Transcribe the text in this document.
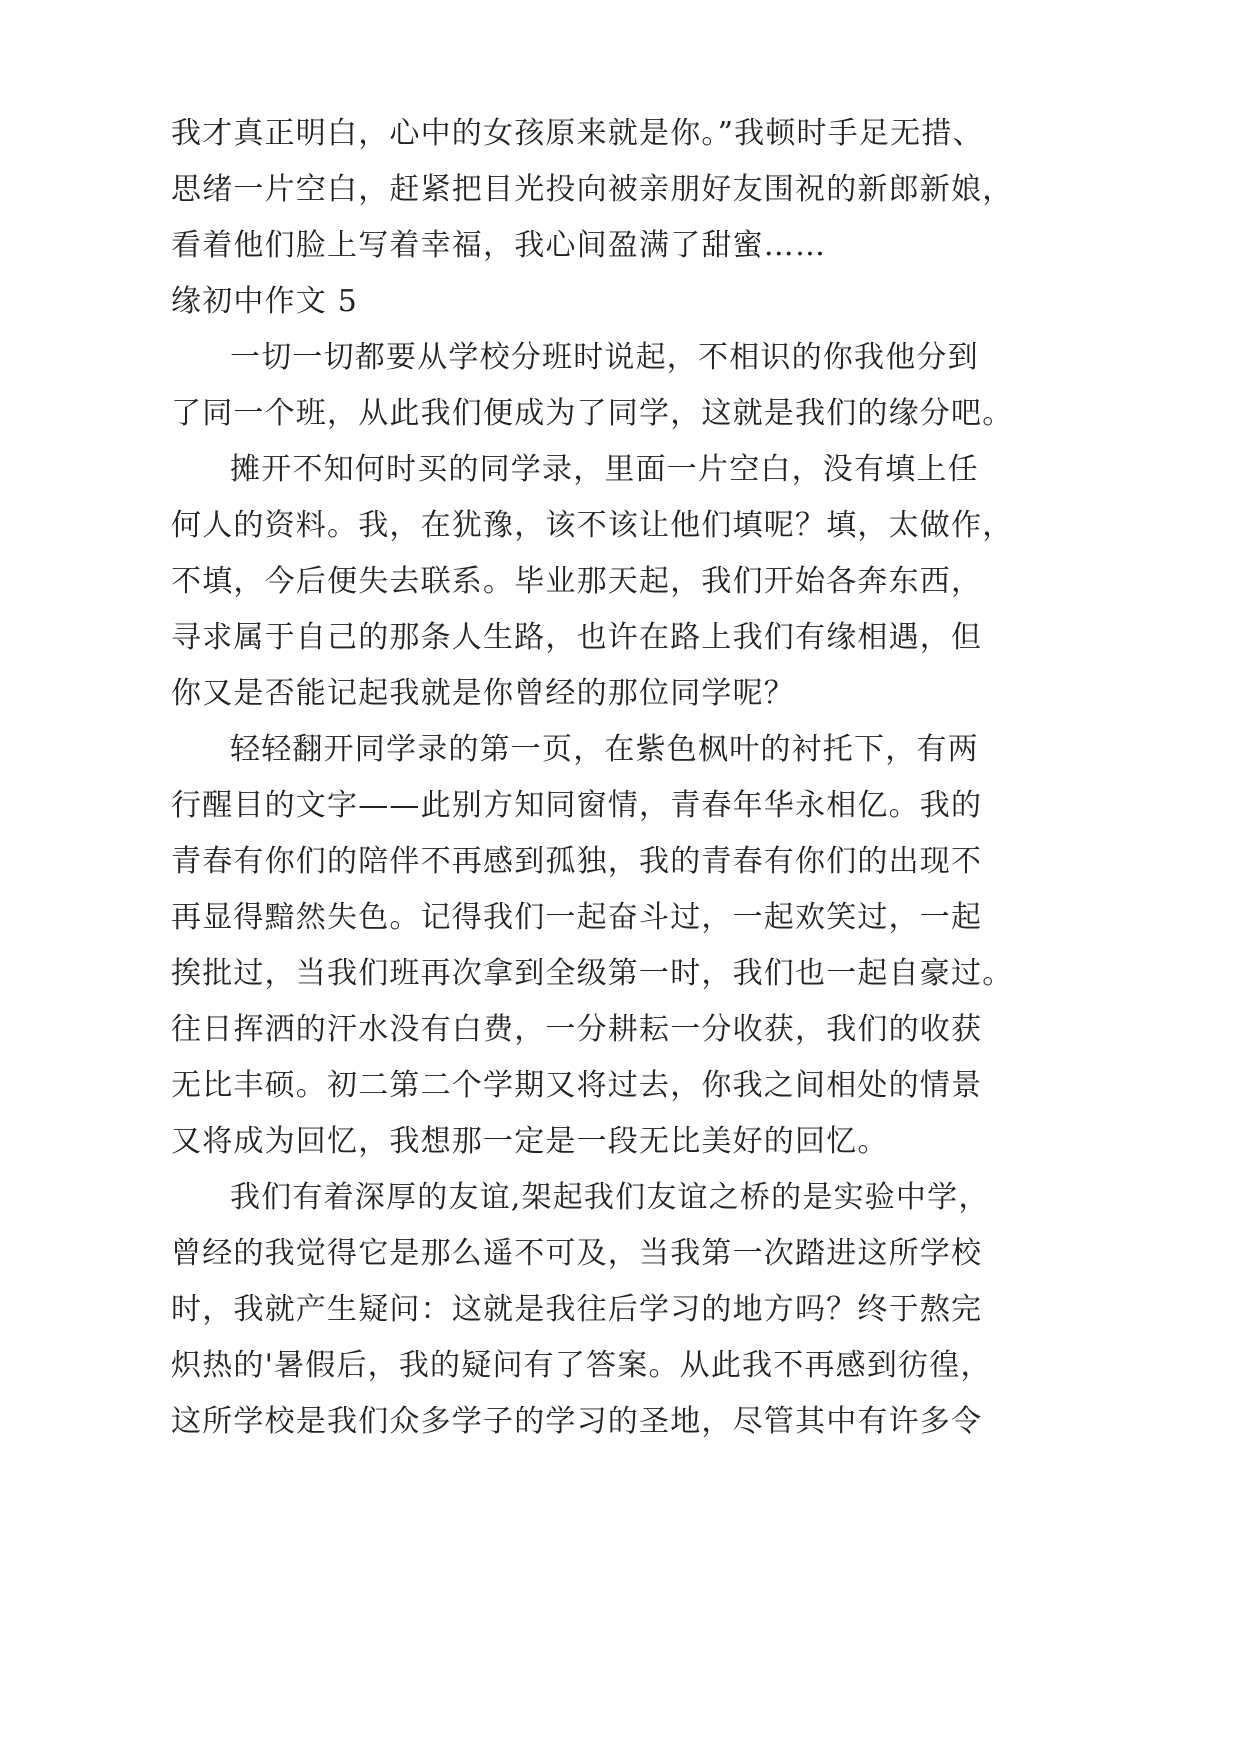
我才真正明白，心中的女孩原来就是你。”我顿时手足无措、
思绪一片空白，赶紧把目光投向被亲朋好友围祝的新郎新娘，
看着他们脸上写着幸福，我心间盈满了甜蜜……
缘初中作文 5
一切一切都要从学校分班时说起，不相识的你我他分到
了同一个班，从此我们便成为了同学，这就是我们的缘分吧。
摊开不知何时买的同学录，里面一片空白，没有填上任
何人的资料。我，在犹豫，该不该让他们填呢？填，太做作，
不填，今后便失去联系。毕业那天起，我们开始各奔东西，
寻求属于自己的那条人生路，也许在路上我们有缘相遇，但
你又是否能记起我就是你曾经的那位同学呢？
轻轻翻开同学录的第一页，在紫色枫叶的衬托下，有两
行醒目的文字——此别方知同窗情，青春年华永相亿。我的
青春有你们的陪伴不再感到孤独，我的青春有你们的出现不
再显得黯然失色。记得我们一起奋斗过，一起欢笑过，一起
挨批过，当我们班再次拿到全级第一时，我们也一起自豪过。
往日挥洒的汗水没有白费，一分耕耘一分收获，我们的收获
无比丰硕。初二第二个学期又将过去，你我之间相处的情景
又将成为回忆，我想那一定是一段无比美好的回忆。
我们有着深厚的友谊,架起我们友谊之桥的是实验中学，
曾经的我觉得它是那么遥不可及，当我第一次踏进这所学校
时，我就产生疑问：这就是我往后学习的地方吗？终于熬完
炽热的'暑假后，我的疑问有了答案。从此我不再感到彷徨，
这所学校是我们众多学子的学习的圣地，尽管其中有许多令
